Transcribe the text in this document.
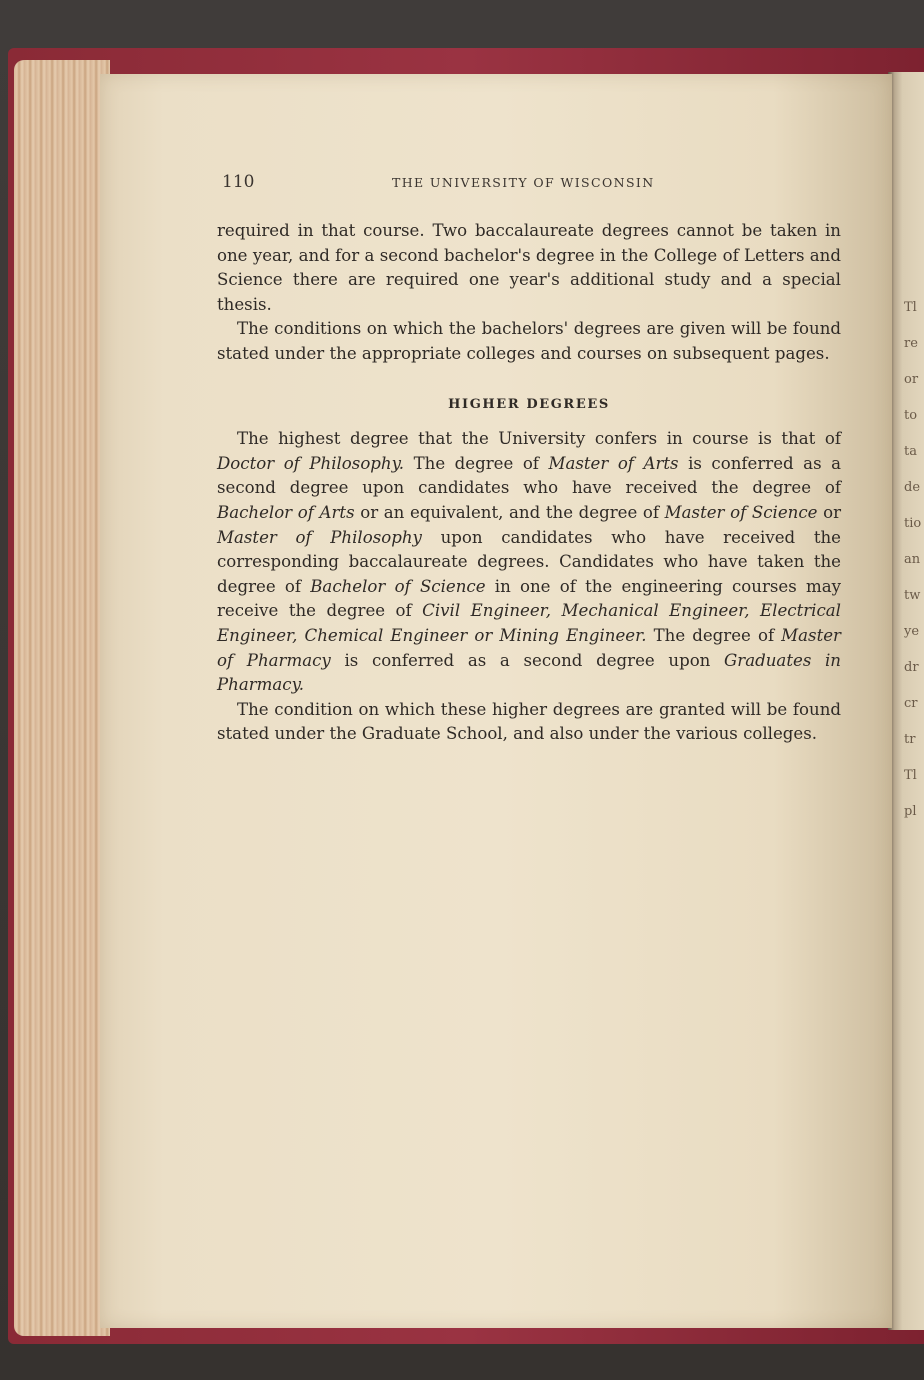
Tl
re
or
to
ta
de
tio
an
tw
ye
dr
cr
tr
Tl
pl
110	THE UNIVERSITY OF WISCONSIN

required in that course. Two baccalaureate degrees cannot be taken in one year, and for a second bachelor's degree in the College of Letters and Science there are required one year's additional study and a special thesis.

The conditions on which the bachelors' degrees are given will be found stated under the appropriate colleges and courses on subsequent pages.

HIGHER DEGREES

The highest degree that the University confers in course is that of Doctor of Philosophy. The degree of Master of Arts is conferred as a second degree upon candidates who have received the degree of Bachelor of Arts or an equivalent, and the degree of Master of Science or Master of Philosophy upon candidates who have received the corresponding baccalaureate degrees. Candidates who have taken the degree of Bachelor of Science in one of the engineering courses may receive the degree of Civil Engineer, Mechanical Engineer, Electrical Engineer, Chemical Engineer or Mining Engineer. The degree of Master of Pharmacy is conferred as a second degree upon Graduates in Pharmacy.

The condition on which these higher degrees are granted will be found stated under the Graduate School, and also under the various colleges.
